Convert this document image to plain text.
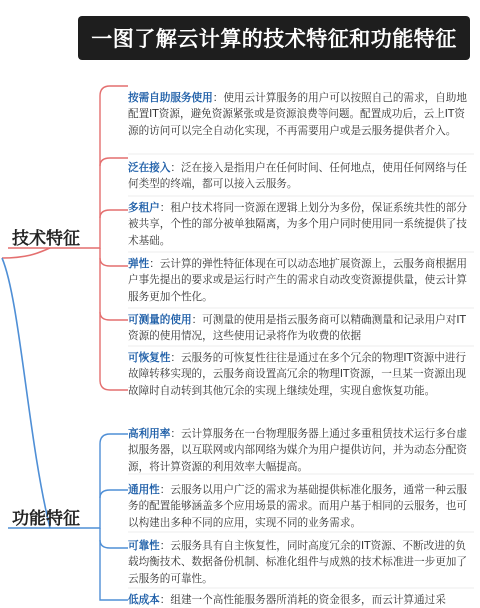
一图了解云计算的技术特征和功能特征
技术特征
功能特征
按需自助服务使用：使用云计算服务的用户可以按照自己的需求，自助地配置IT资源，避免资源紧张或是资源浪费等问题。配置成功后，云上IT资源的访问可以完全自动化实现，不再需要用户或是云服务提供者介入。
泛在接入：泛在接入是指用户在任何时间、任何地点，使用任何网络与任何类型的终端，都可以接入云服务。
多租户：租户技术将同一资源在逻辑上划分为多份，保证系统共性的部分被共享，个性的部分被单独隔离，为多个用户同时使用同一系统提供了技术基础。
弹性：云计算的弹性特征体现在可以动态地扩展资源上，云服务商根据用户事先提出的要求或是运行时产生的需求自动改变资源提供量，使云计算服务更加个性化。
可测量的使用：可测量的使用是指云服务商可以精确测量和记录用户对IT资源的使用情况，这些使用记录将作为收费的依据
可恢复性：云服务的可恢复性往往是通过在多个冗余的物理IT资源中进行故障转移实现的，云服务商设置高冗余的物理IT资源，一旦某一资源出现故障时自动转到其他冗余的实现上继续处理，实现自愈恢复功能。
高利用率：云计算服务在一台物理服务器上通过多重租赁技术运行多台虚拟服务器，以互联网或内部网络为媒介为用户提供访问，并为动态分配资源，将计算资源的利用效率大幅提高。
通用性：云服务以用户广泛的需求为基础提供标准化服务，通常一种云服务的配置能够涵盖多个应用场景的需求。而用户基于相同的云服务，也可以构建出多种不同的应用，实现不同的业务需求。
可靠性：云服务具有自主恢复性，同时高度冗余的IT资源、不断改进的负载均衡技术、数据备份机制、标准化组件与成熟的技术标准进一步更加了云服务的可靠性。
低成本：组建一个高性能服务器所消耗的资金很多，而云计算通过采
